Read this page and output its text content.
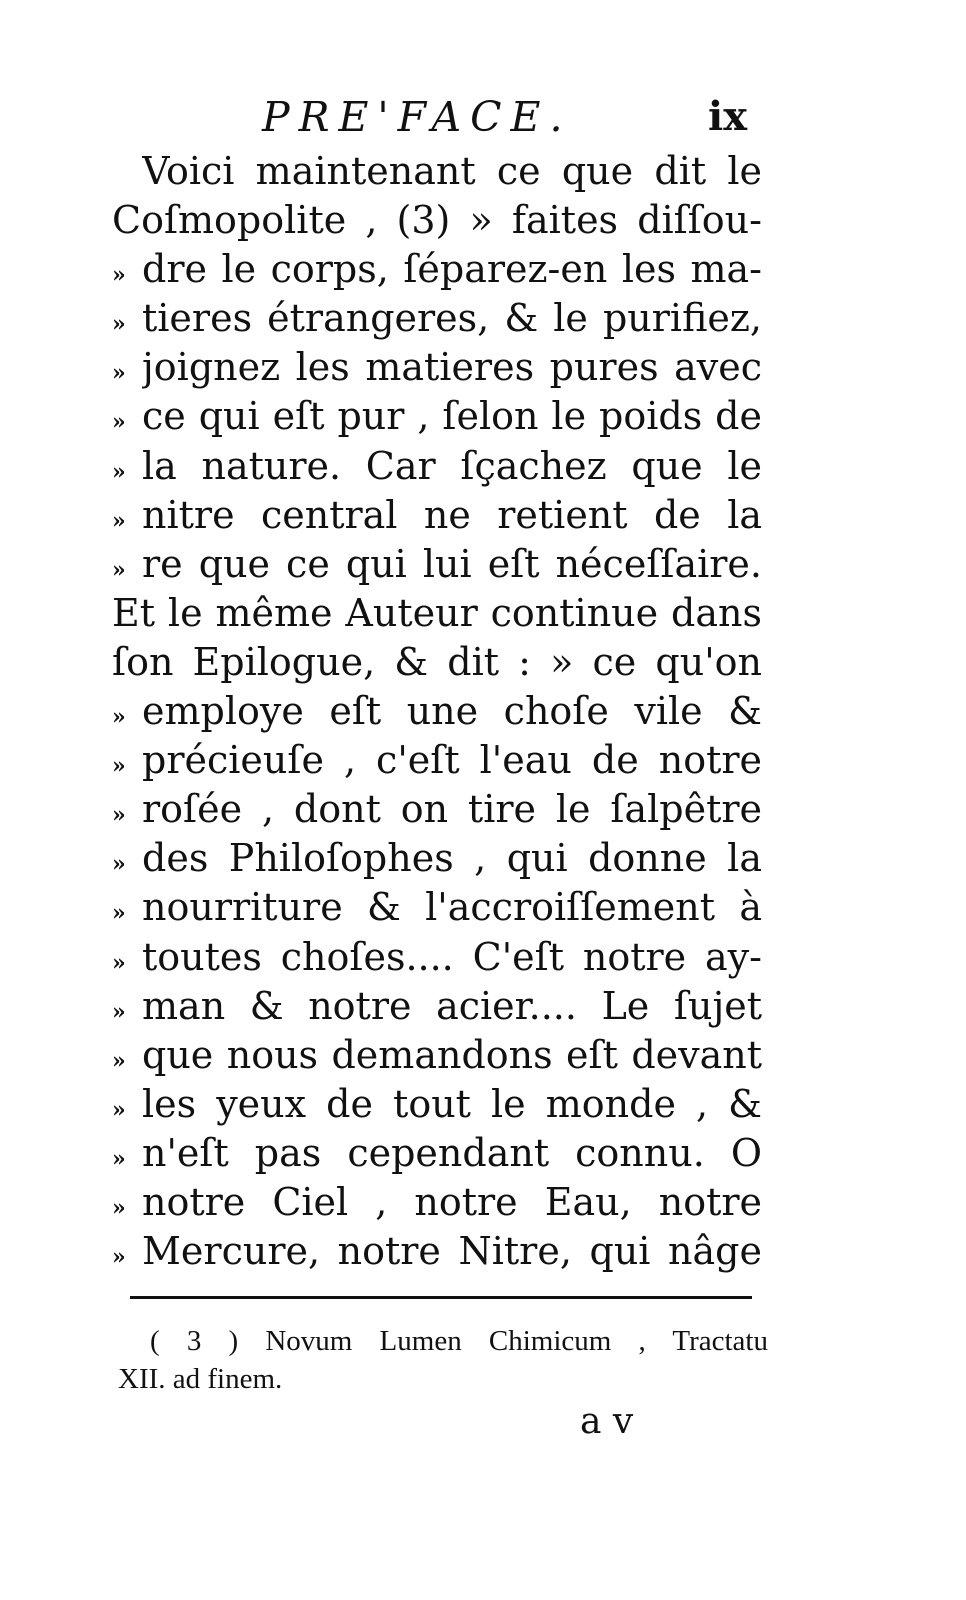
PRE'FACE.	ix
Voici maintenant ce que dit le
Coſmopolite , (3) » faites diſſou-
» dre le corps, ſéparez-en les ma-
» tieres étrangeres, & le purifiez,
» joignez les matieres pures avec
» ce qui eſt pur , ſelon le poids de
» la nature. Car ſçachez que le
» nitre central ne retient de la
» re que ce qui lui eſt néceſſaire.
Et le même Auteur continue dans
ſon Epilogue, & dit : » ce qu'on
» employe eſt une choſe vile &
» précieuſe , c'eſt l'eau de notre
» roſée , dont on tire le ſalpêtre
» des Philoſophes , qui donne la
» nourriture & l'accroiſſement à
» toutes choſes.... C'eſt notre ay-
» man & notre acier.... Le ſujet
» que nous demandons eſt devant
» les yeux de tout le monde , &
» n'eſt pas cependant connu. O
» notre Ciel , notre Eau, notre
» Mercure, notre Nitre, qui nâge
( 3 ) Novum Lumen Chimicum , Tractatu
XII. ad finem.
a v
